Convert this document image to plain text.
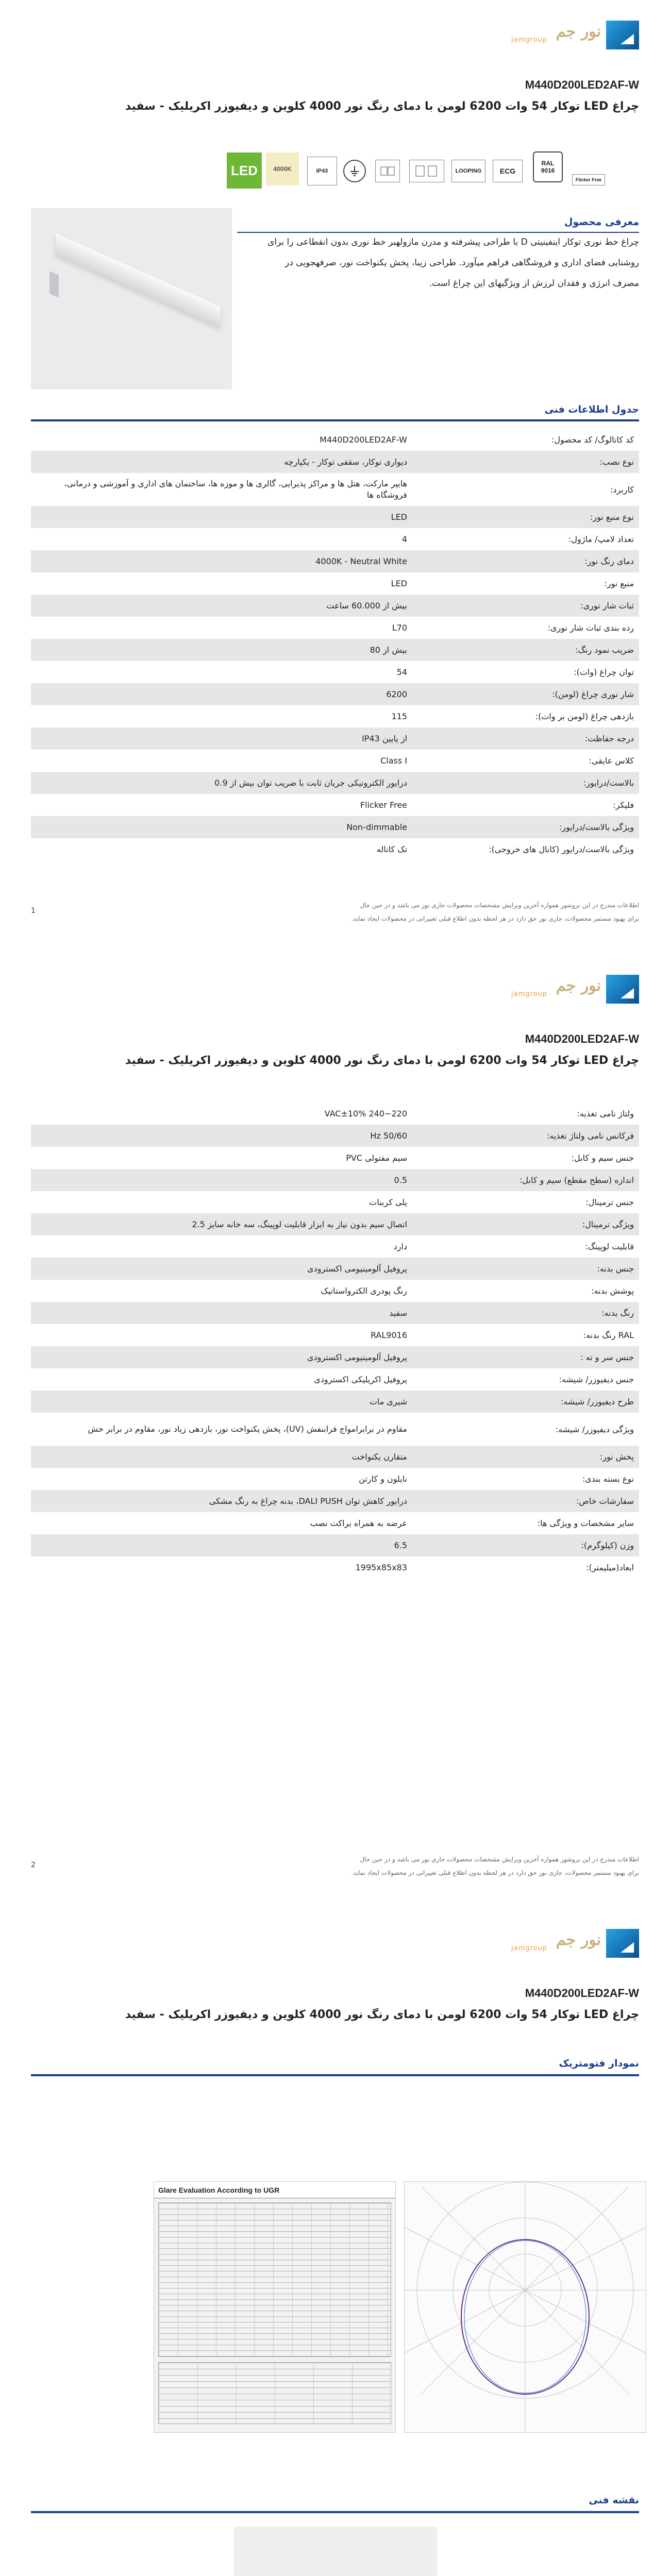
jamgroup نور جم
M440D200LED2AF-W
چراغ LED توکار 54 وات 6200 لومن با دمای رنگ نور 4000 کلوین و دیفیوزر اکریلیک - سفید
LED	4000K	IP43	LOOPING	ECG
RAL
9016
Flicker Free
معرفی محصول
چراغ خط نوری توکار اینفینیتی D با طراحی پیشرفته و مدرن مازولهبر خط نوری بدون انقطاعی را برای روشنایی فضای اداری و فروشگاهی فراهم میآورد. طراحی زیبا، پخش یکنواخت نور، صرفهجویی در مصرف انرژی و فقدان لرزش از ویژگیهای این چراغ است.
جدول اطلاعات فنی
کد کاتالوگ/ کد محصول:
M440D200LED2AF-W
نوع نصب:
دیواری توکار، سقفی توکار - یکپارچه
کاربرد:
هایپر مارکت، هتل ها و مراکز پذیرایی، گالری ها و موزه ها، ساختمان های اداری و آموزشی و درمانی، فروشگاه ها
نوع منبع نور:
LED
تعداد لامپ/ ماژول:
4
دمای رنگ نور:
4000K - Neutral White
منبع نور:
LED
ثبات شار نوری:
بیش از 60.000 ساعت
رده بندی ثبات شار نوری:
L70
ضریب نمود رنگ:
بیش از 80
توان چراغ (وات):
54
شار نوری چراغ (لومن):
6200
بازدهی چراغ (لومن بر وات):
115
درجه حفاظت:
از پایین IP43
کلاس عایقی:
Class I
بالاست/درایور:
درایور الکترونیکی جریان ثابت با ضریب توان بیش از 0.9
فلیکر:
Flicker Free
ویژگی بالاست/درایور:
Non-dimmable
ویژگی بالاست/درایور (کانال های خروجی):
تک کاناله
اطلاعات مندرج در این بروشور همواره آخرین ویرایش مشخصات محصولات جاری نور می باشد و در حین حال
برای بهبود مستمر محصولات، جاری نور حق دارد در هر لحظه بدون اطلاع قبلی تغییراتی در محصولات ایجاد نماید.
1
jamgroup نور جم
M440D200LED2AF-W
چراغ LED توکار 54 وات 6200 لومن با دمای رنگ نور 4000 کلوین و دیفیوزر اکریلیک - سفید
ولتاژ نامی تغذیه:
220~240 VAC±10%
فرکانس نامی ولتاژ تغذیه:
50/60 Hz
جنس سیم و کابل:
سیم مفتولی PVC
اندازه (سطح مقطع) سیم و کابل:
0.5
جنس ترمینال:
پلی کربنات
ویژگی ترمینال:
اتصال سیم بدون نیاز به ابزار قابلیت لوپینگ، سه خانه سایز 2.5
قابلیت لوپینگ:
دارد
جنس بدنه:
پروفیل آلومینیومی اکسترودی
پوشش بدنه:
رنگ پودری الکترواستاتیک
رنگ بدنه:
سفید
RAL رنگ بدنه:
RAL9016
جنس سر و ته :
پروفیل آلومینیومی اکسترودی
جنس دیفیوزر/ شیشه:
پروفیل اکریلیکی اکسترودی
طرح دیفیوزر/ شیشه:
شیری مات
ویژگی دیفیوزر/ شیشه:
مقاوم در برابرامواج فرابنفش (UV)، پخش یکنواخت نور، بازدهی زیاد نور، مقاوم در برابر حش
پخش نور:
متقارن یکنواخت
نوع بسته بندی:
نایلون و کارتن
سفارشات خاص:
درایور کاهش توان DALI PUSH، بدنه چراغ به رنگ مشکی
سایر مشخصات و ویژگی ها:
عرضه به همراه براکت نصب
وزن (کیلوگرم):
6.5
ابعاد(میلیمتر):
1995x85x83
اطلاعات مندرج در این بروشور همواره آخرین ویرایش مشخصات محصولات جاری نور می باشد و در حین حال
برای بهبود مستمر محصولات، جاری نور حق دارد در هر لحظه بدون اطلاع قبلی تغییراتی در محصولات ایجاد نماید.
2
jamgroup نور جم
M440D200LED2AF-W
چراغ LED توکار 54 وات 6200 لومن با دمای رنگ نور 4000 کلوین و دیفیوزر اکریلیک - سفید
نمودار فتومتریک
Glare Evaluation According to UGR
نقشه فنی
